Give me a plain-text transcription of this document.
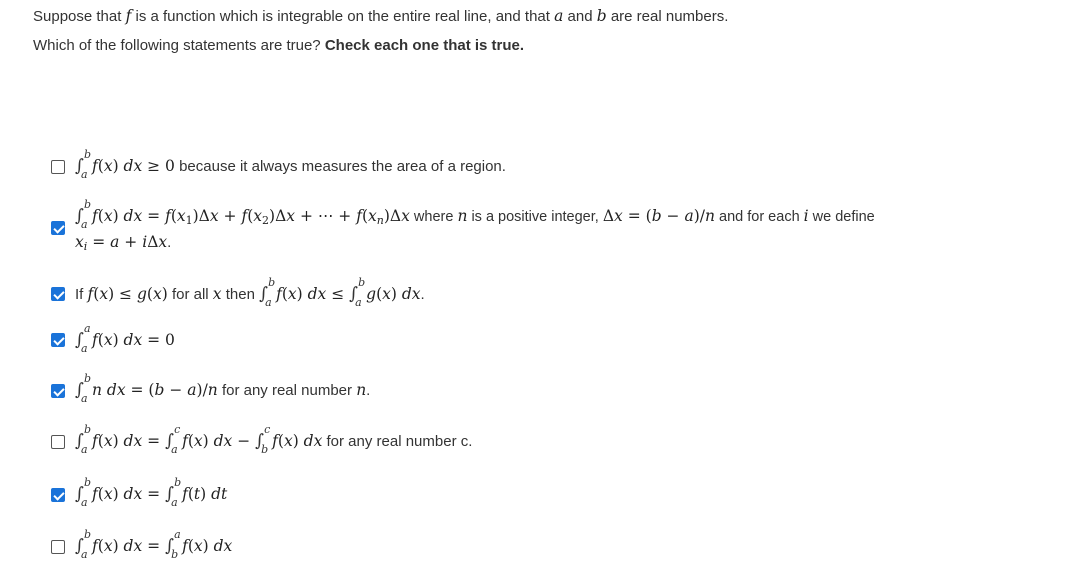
Suppose that f is a function which is integrable on the entire real line, and that a and b are real numbers.
Which of the following statements are true? Check each one that is true.
∫
b
a f(x) dx ≥ 0 because it always measures the area of a region.
∫
b
a f(x) dx = $f(x_1)\Delta x + f(x_2)\Delta x$ + ⋯ + $f(x_n)\Delta x$ where n is a positive integer, Δx = (b − a)/n and for each i we define
$x_i = a + i\Delta x$.
If f(x) ≤ g(x) for all x then ∫
b
a f(x) dx ≤ ∫
b
a g(x) dx.
∫
a
a f(x) dx = 0
∫
b
a n dx = (b − a)/n for any real number n.
∫
b
a f(x) dx = ∫
c
a f(x) dx − ∫
c
b f(x) dx for any real number c.
∫
b
a f(x) dx = ∫
b
a f(t) dt
∫
b
a f(x) dx = ∫
a
b f(x) dx
